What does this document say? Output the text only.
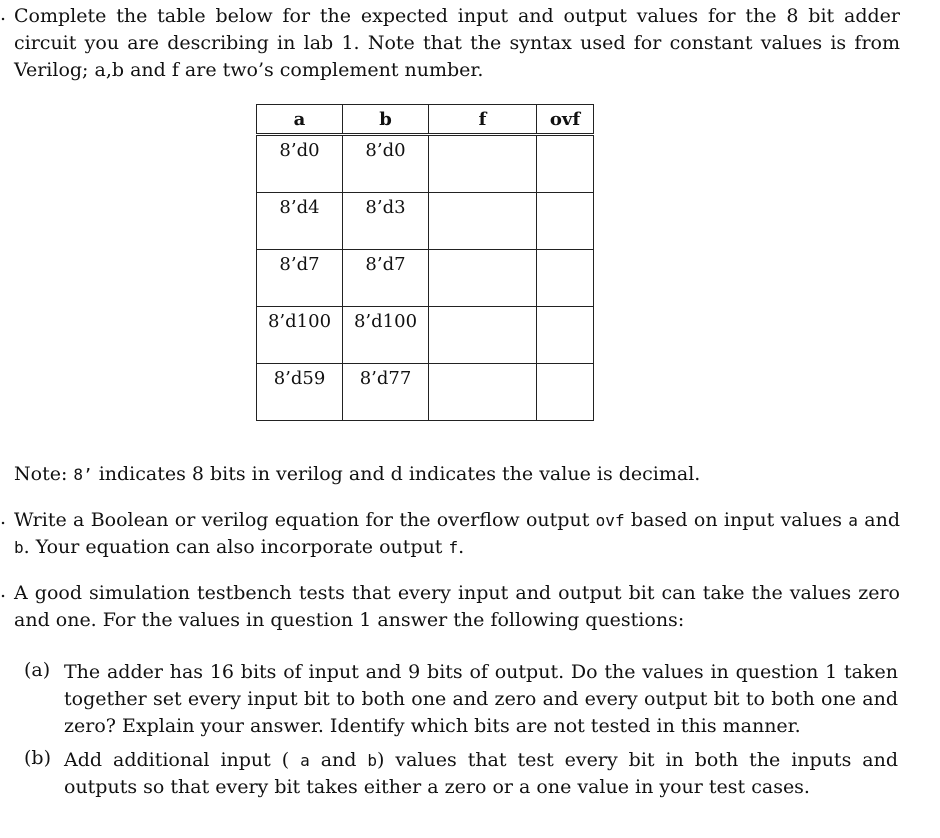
. Complete the table below for the expected input and output values for the 8 bit adder circuit you are describing in lab 1. Note that the syntax used for constant values is from Verilog; a,b and f are two’s complement number.

a	b	f	ovf
8’d0	8’d0		
8’d4	8’d3		
8’d7	8’d7		
8’d100	8’d100		
8’d59	8’d77		

Note: 8’ indicates 8 bits in verilog and d indicates the value is decimal.

. Write a Boolean or verilog equation for the overflow output ovf based on input values a and b. Your equation can also incorporate output f.

. A good simulation testbench tests that every input and output bit can take the values zero and one. For the values in question 1 answer the following questions:

(a) The adder has 16 bits of input and 9 bits of output. Do the values in question 1 taken together set every input bit to both one and zero and every output bit to both one and zero? Explain your answer. Identify which bits are not tested in this manner.

(b) Add additional input ( a and b) values that test every bit in both the inputs and outputs so that every bit takes either a zero or a one value in your test cases.
